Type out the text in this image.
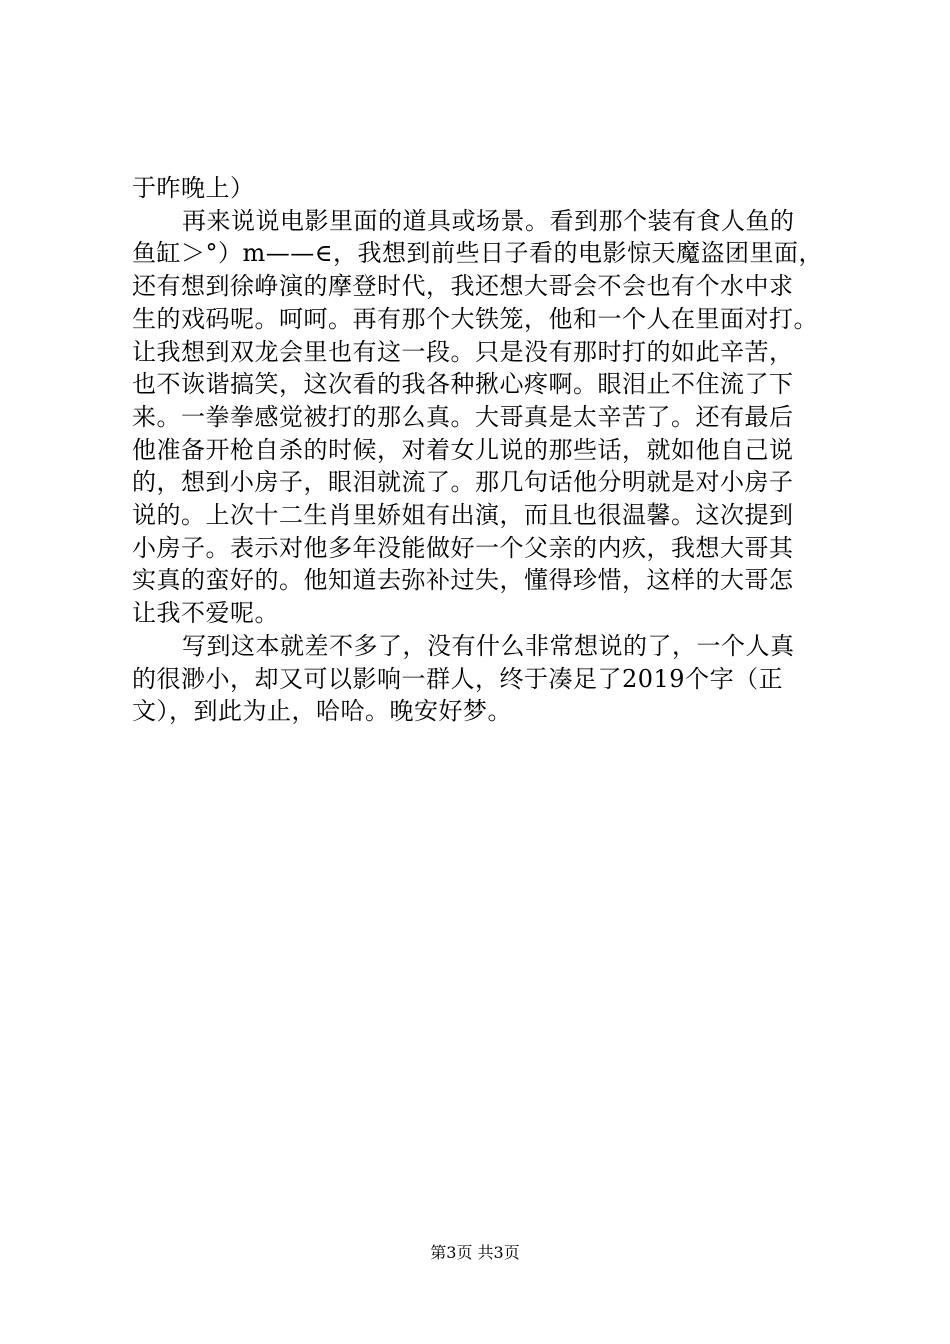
于昨晚上）
再来说说电影里面的道具或场景。看到那个装有食人鱼的
鱼缸＞°）m——∈，我想到前些日子看的电影惊天魔盗团里面，
还有想到徐峥演的摩登时代，我还想大哥会不会也有个水中求
生的戏码呢。呵呵。再有那个大铁笼，他和一个人在里面对打。
让我想到双龙会里也有这一段。只是没有那时打的如此辛苦，
也不诙谐搞笑，这次看的我各种揪心疼啊。眼泪止不住流了下
来。一拳拳感觉被打的那么真。大哥真是太辛苦了。还有最后
他准备开枪自杀的时候，对着女儿说的那些话，就如他自己说
的，想到小房子，眼泪就流了。那几句话他分明就是对小房子
说的。上次十二生肖里娇姐有出演，而且也很温馨。这次提到
小房子。表示对他多年没能做好一个父亲的内疚，我想大哥其
实真的蛮好的。他知道去弥补过失，懂得珍惜，这样的大哥怎
让我不爱呢。
写到这本就差不多了，没有什么非常想说的了，一个人真
的很渺小，却又可以影响一群人，终于凑足了2019个字（正
文），到此为止，哈哈。晚安好梦。
第3页 共3页
